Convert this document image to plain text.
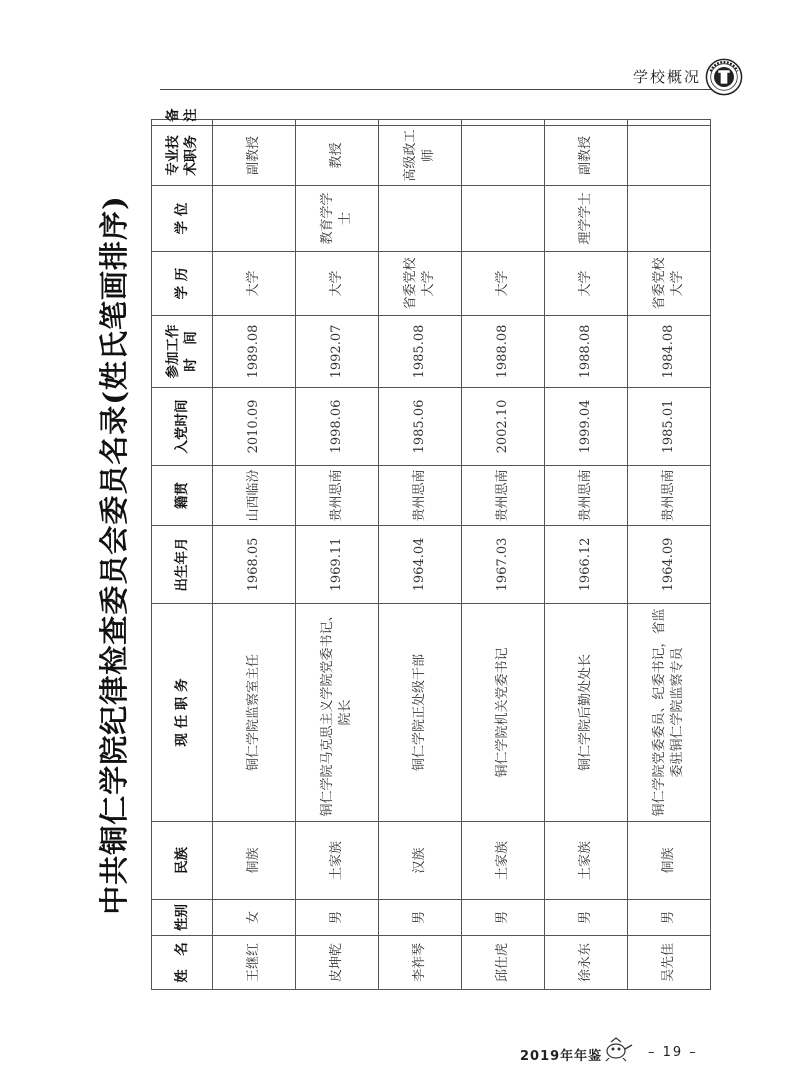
学校概况
中共铜仁学院纪律检查委员会委员名录(姓氏笔画排序)
姓　名	性别	民族	现 任 职 务	出生年月	籍贯	入党时间	参加工作时　间	学 历	学 位	专业技术职务	备注
王继红	女	侗族	铜仁学院监察室主任	1968.05	山西临汾	2010.09	1989.08	大学		副教授	
皮坤乾	男	土家族	铜仁学院马克思主义学院党委书记、院长	1969.11	贵州思南	1998.06	1992.07	大学	教育学学士	教授	
李祚琴	男	汉族	铜仁学院正处级干部	1964.04	贵州思南	1985.06	1985.08	省委党校大学		高级政工师	
邱仕虎	男	土家族	铜仁学院机关党委书记	1967.03	贵州思南	2002.10	1988.08	大学			
徐永东	男	土家族	铜仁学院后勤处处长	1966.12	贵州思南	1999.04	1988.08	大学	理学学士	副教授	
吴先佳	男	侗族	铜仁学院党委委员、纪委书记，省监委驻铜仁学院监察专员	1964.09	贵州思南	1985.01	1984.08	省委党校大学			
2019年年鉴	– 19 –
